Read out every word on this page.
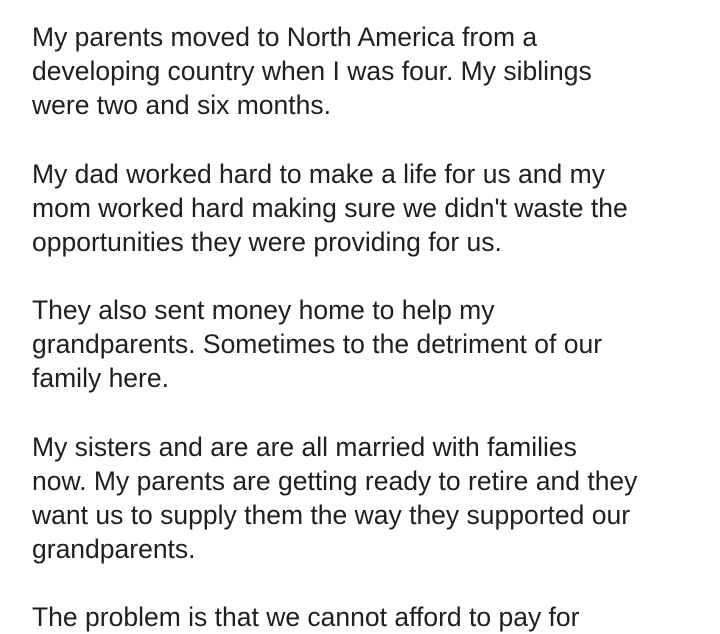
My parents moved to North America from a
developing country when I was four. My siblings
were two and six months.

My dad worked hard to make a life for us and my
mom worked hard making sure we didn't waste the
opportunities they were providing for us.

They also sent money home to help my
grandparents. Sometimes to the detriment of our
family here.

My sisters and are are all married with families
now. My parents are getting ready to retire and they
want us to supply them the way they supported our
grandparents.

The problem is that we cannot afford to pay for
